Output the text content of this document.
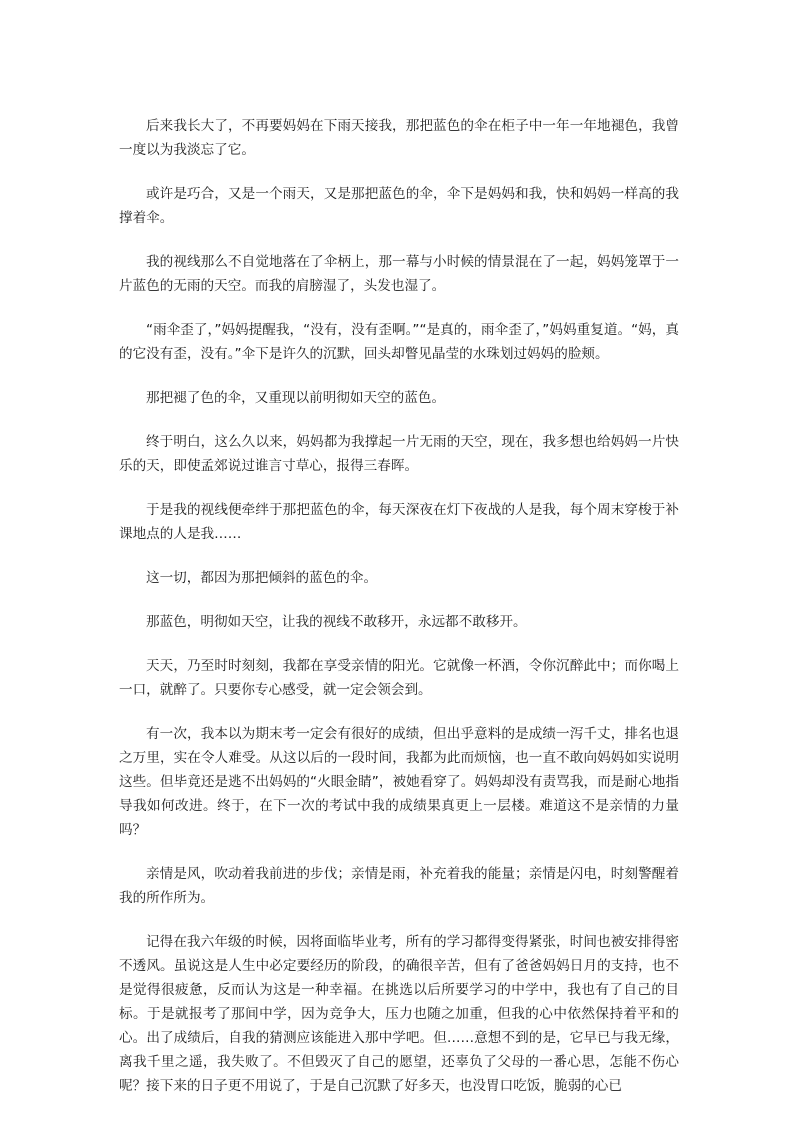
后来我长大了，不再要妈妈在下雨天接我，那把蓝色的伞在柜子中一年一年地褪色，我曾一度以为我淡忘了它。

或许是巧合，又是一个雨天，又是那把蓝色的伞，伞下是妈妈和我，快和妈妈一样高的我撑着伞。

我的视线那么不自觉地落在了伞柄上，那一幕与小时候的情景混在了一起，妈妈笼罩于一片蓝色的无雨的天空。而我的肩膀湿了，头发也湿了。

“雨伞歪了，”妈妈提醒我，“没有，没有歪啊。”“是真的，雨伞歪了，”妈妈重复道。“妈，真的它没有歪，没有。”伞下是许久的沉默，回头却瞥见晶莹的水珠划过妈妈的脸颊。

那把褪了色的伞，又重现以前明彻如天空的蓝色。

终于明白，这么久以来，妈妈都为我撑起一片无雨的天空，现在，我多想也给妈妈一片快乐的天，即使孟郊说过谁言寸草心，报得三春晖。

于是我的视线便牵绊于那把蓝色的伞，每天深夜在灯下夜战的人是我，每个周末穿梭于补课地点的人是我……

这一切，都因为那把倾斜的蓝色的伞。

那蓝色，明彻如天空，让我的视线不敢移开，永远都不敢移开。

天天，乃至时时刻刻，我都在享受亲情的阳光。它就像一杯酒，令你沉醉此中；而你喝上一口，就醉了。只要你专心感受，就一定会领会到。

有一次，我本以为期末考一定会有很好的成绩，但出乎意料的是成绩一泻千丈，排名也退之万里，实在令人难受。从这以后的一段时间，我都为此而烦恼，也一直不敢向妈妈如实说明这些。但毕竟还是逃不出妈妈的“火眼金睛”，被她看穿了。妈妈却没有责骂我，而是耐心地指导我如何改进。终于，在下一次的考试中我的成绩果真更上一层楼。难道这不是亲情的力量吗？

亲情是风，吹动着我前进的步伐；亲情是雨，补充着我的能量；亲情是闪电，时刻警醒着我的所作所为。

记得在我六年级的时候，因将面临毕业考，所有的学习都得变得紧张，时间也被安排得密不透风。虽说这是人生中必定要经历的阶段，的确很辛苦，但有了爸爸妈妈日月的支持，也不是觉得很疲惫，反而认为这是一种幸福。在挑选以后所要学习的中学中，我也有了自己的目标。于是就报考了那间中学，因为竞争大，压力也随之加重，但我的心中依然保持着平和的心。出了成绩后，自我的猜测应该能进入那中学吧。但……意想不到的是，它早已与我无缘，离我千里之遥，我失败了。不但毁灭了自己的愿望，还辜负了父母的一番心思，怎能不伤心呢？接下来的日子更不用说了，于是自己沉默了好多天，也没胃口吃饭，脆弱的心已
